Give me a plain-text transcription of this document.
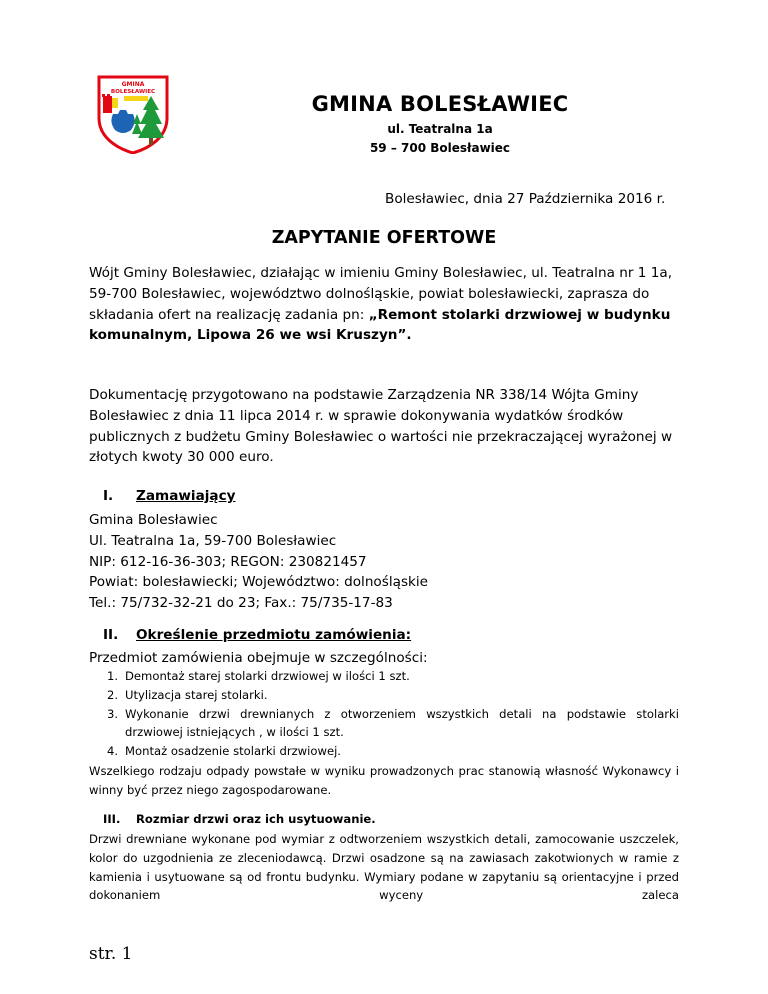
GMINA
BOLESŁAWIEC	GMINA BOLESŁAWIEC
ul. Teatralna 1a
59 – 700 Bolesławiec
Bolesławiec, dnia 27 Października 2016 r.
ZAPYTANIE OFERTOWE
Wójt Gminy Bolesławiec, działając w imieniu Gminy Bolesławiec, ul. Teatralna nr 1 1a, 59-700 Bolesławiec, województwo dolnośląskie, powiat bolesławiecki, zaprasza do składania ofert na realizację zadania pn: „Remont stolarki drzwiowej w budynku komunalnym, Lipowa 26 we wsi Kruszyn”.
Dokumentację przygotowano na podstawie Zarządzenia NR 338/14 Wójta Gminy Bolesławiec z dnia 11 lipca 2014 r. w sprawie dokonywania wydatków środków publicznych z budżetu Gminy Bolesławiec o wartości nie przekraczającej wyrażonej w złotych kwoty 30 000 euro.
I. Zamawiający
Gmina Bolesławiec
Ul. Teatralna 1a, 59-700 Bolesławiec
NIP: 612-16-36-303; REGON: 230821457
Powiat: bolesławiecki; Województwo: dolnośląskie
Tel.: 75/732-32-21 do 23; Fax.: 75/735-17-83
II. Określenie przedmiotu zamówienia:
Przedmiot zamówienia obejmuje w szczególności:
1. Demontaż starej stolarki drzwiowej w ilości 1 szt.
2. Utylizacja starej stolarki.
3. Wykonanie drzwi drewnianych z otworzeniem wszystkich detali na podstawie stolarki drzwiowej istniejących , w ilości 1 szt.
4. Montaż osadzenie stolarki drzwiowej.
Wszelkiego rodzaju odpady powstałe w wyniku prowadzonych prac stanowią własność Wykonawcy i winny być przez niego zagospodarowane.
III. Rozmiar drzwi oraz ich usytuowanie.
Drzwi drewniane wykonane pod wymiar z odtworzeniem wszystkich detali, zamocowanie uszczelek, kolor do uzgodnienia ze zleceniodawcą. Drzwi osadzone są na zawiasach zakotwionych w ramie z kamienia i usytuowane są od frontu budynku. Wymiary podane w zapytaniu są orientacyjne i przed dokonaniem wyceny zaleca
str. 1
